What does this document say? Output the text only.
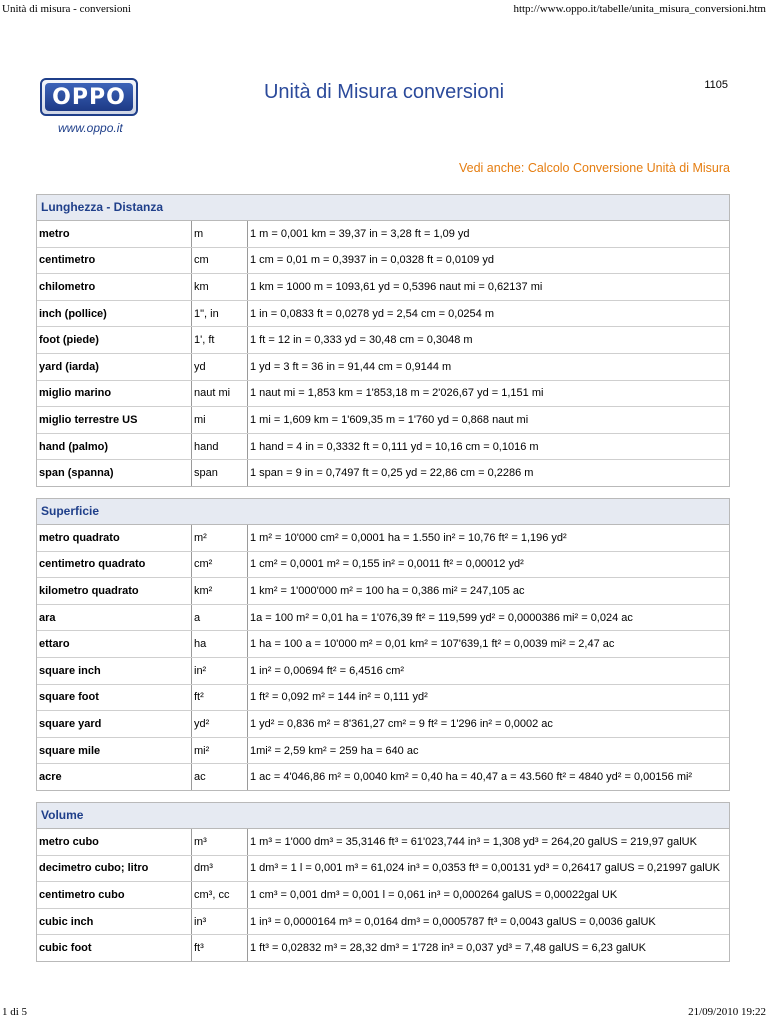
Unità di misura - conversioni	http://www.oppo.it/tabelle/unita_misura_conversioni.htm
OPPO
www.oppo.it
Unità di Misura conversioni	1105
Vedi anche: Calcolo Conversione Unità di Misura
Lunghezza - Distanza
metro	m	1 m = 0,001 km = 39,37 in = 3,28 ft = 1,09 yd
centimetro	cm	1 cm = 0,01 m = 0,3937 in = 0,0328 ft = 0,0109 yd
chilometro	km	1 km = 1000 m = 1093,61 yd = 0,5396 naut mi = 0,62137 mi
inch (pollice)	1", in	1 in = 0,0833 ft = 0,0278 yd = 2,54 cm = 0,0254 m
foot (piede)	1', ft	1 ft = 12 in = 0,333 yd = 30,48 cm = 0,3048 m
yard (iarda)	yd	1 yd = 3 ft = 36 in = 91,44 cm = 0,9144 m
miglio marino	naut mi	1 naut mi = 1,853 km = 1'853,18 m = 2'026,67 yd = 1,151 mi
miglio terrestre US	mi	1 mi = 1,609 km = 1'609,35 m = 1'760 yd = 0,868 naut mi
hand (palmo)	hand	1 hand = 4 in = 0,3332 ft = 0,111 yd = 10,16 cm = 0,1016 m
span (spanna)	span	1 span = 9 in = 0,7497 ft = 0,25 yd = 22,86 cm = 0,2286 m
Superficie
metro quadrato	m²	1 m² = 10'000 cm² = 0,0001 ha = 1.550 in² = 10,76 ft² = 1,196 yd²
centimetro quadrato	cm²	1 cm² = 0,0001 m² = 0,155 in² = 0,0011 ft² = 0,00012 yd²
kilometro quadrato	km²	1 km² = 1'000'000 m² = 100 ha = 0,386 mi² = 247,105 ac
ara	a	1a = 100 m² = 0,01 ha = 1'076,39 ft² = 119,599 yd² = 0,0000386 mi² = 0,024 ac
ettaro	ha	1 ha = 100 a = 10'000 m² = 0,01 km² = 107'639,1 ft² = 0,0039 mi² = 2,47 ac
square inch	in²	1 in² = 0,00694 ft² = 6,4516 cm²
square foot	ft²	1 ft² = 0,092 m² = 144 in² = 0,111 yd²
square yard	yd²	1 yd² = 0,836 m² = 8'361,27 cm² = 9 ft² = 1'296 in² = 0,0002 ac
square mile	mi²	1mi² = 2,59 km² = 259 ha = 640 ac
acre	ac	1 ac = 4'046,86 m² = 0,0040 km² = 0,40 ha = 40,47 a = 43.560 ft² = 4840 yd² = 0,00156 mi²
Volume
metro cubo	m³	1 m³ = 1'000 dm³ = 35,3146 ft³ = 61'023,744 in³ = 1,308 yd³ = 264,20 galUS = 219,97 galUK
decimetro cubo; litro	dm³	1 dm³ = 1 l = 0,001 m³ = 61,024 in³ = 0,0353 ft³ = 0,00131 yd³ = 0,26417 galUS = 0,21997 galUK
centimetro cubo	cm³, cc	1 cm³ = 0,001 dm³ = 0,001 l = 0,061 in³ = 0,000264 galUS = 0,00022gal UK
cubic inch	in³	1 in³ = 0,0000164 m³ = 0,0164 dm³ = 0,0005787 ft³ = 0,0043 galUS = 0,0036 galUK
cubic foot	ft³	1 ft³ = 0,02832 m³ = 28,32 dm³ = 1'728 in³ = 0,037 yd³ = 7,48 galUS = 6,23 galUK
1 di 5	21/09/2010 19:22
